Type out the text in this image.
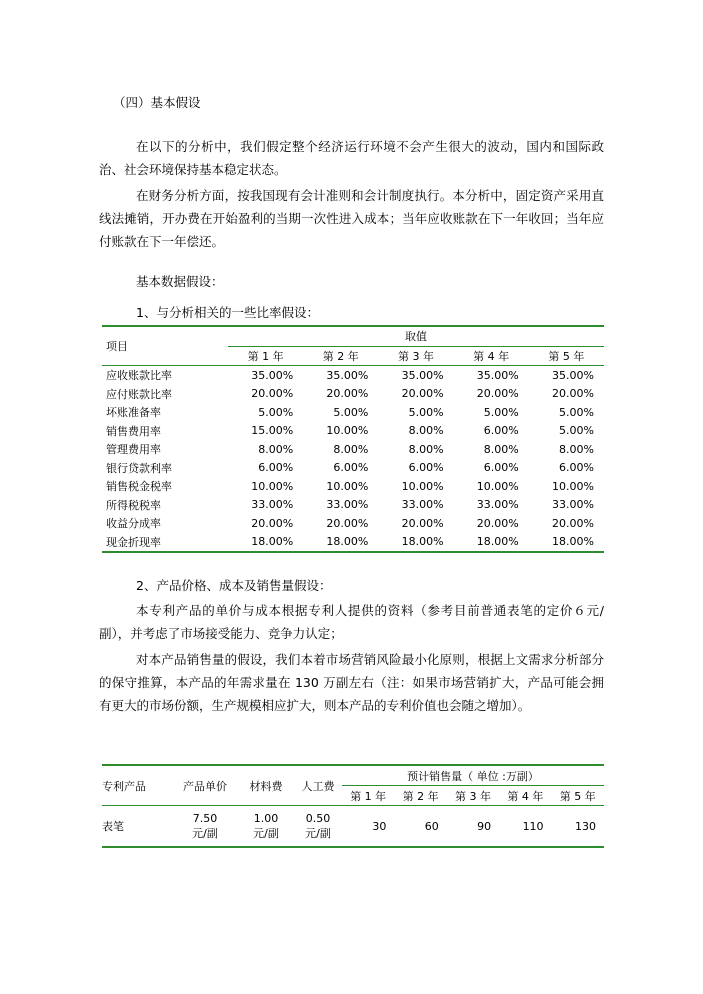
（四）基本假设

在以下的分析中，我们假定整个经济运行环境不会产生很大的波动，国内和国际政治、社会环境保持基本稳定状态。

在财务分析方面，按我国现有会计准则和会计制度执行。本分析中，固定资产采用直线法摊销，开办费在开始盈利的当期一次性进入成本；当年应收账款在下一年收回；当年应付账款在下一年偿还。

基本数据假设：
1、与分析相关的一些比率假设：
项目	取值				
	第 1 年	第 2 年	第 3 年	第 4 年	第 5 年
应收账款比率	35.00%	35.00%	35.00%	35.00%	35.00%
应付账款比率	20.00%	20.00%	20.00%	20.00%	20.00%
坏账准备率	5.00%	5.00%	5.00%	5.00%	5.00%
销售费用率	15.00%	10.00%	8.00%	6.00%	5.00%
管理费用率	8.00%	8.00%	8.00%	8.00%	8.00%
银行贷款利率	6.00%	6.00%	6.00%	6.00%	6.00%
销售税金税率	10.00%	10.00%	10.00%	10.00%	10.00%
所得税税率	33.00%	33.00%	33.00%	33.00%	33.00%
收益分成率	20.00%	20.00%	20.00%	20.00%	20.00%
现金折现率	18.00%	18.00%	18.00%	18.00%	18.00%
2、产品价格、成本及销售量假设：

本专利产品的单价与成本根据专利人提供的资料（参考目前普通表笔的定价６元/副），并考虑了市场接受能力、竞争力认定；

对本产品销售量的假设，我们本着市场营销风险最小化原则，根据上文需求分析部分的保守推算，本产品的年需求量在 130 万副左右（注：如果市场营销扩大，产品可能会拥有更大的市场份额，生产规模相应扩大，则本产品的专利价值也会随之增加）。

专利产品	产品单价	材料费	人工费	预计销售量（ 单位 :万副）				
				第 1 年	第 2 年	第 3 年	第 4 年	第 5 年
表笔	7.50
元/副	1.00
元/副	0.50
元/副	30	60	90	110	130
